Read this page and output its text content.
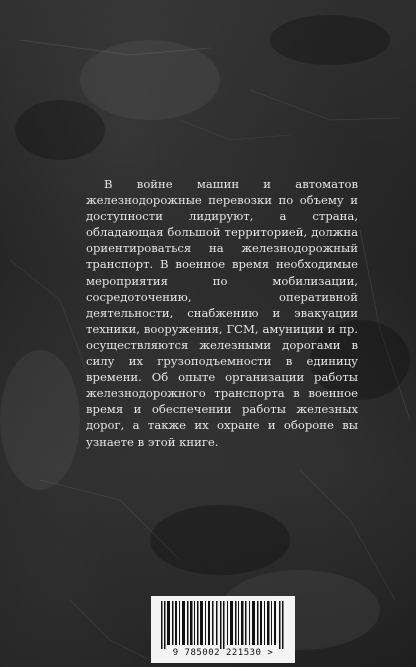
В войне машин и автоматов железнодорожные перевозки по объему и доступности лидируют, а страна, обладающая большой территорией, должна ориентироваться на железнодорожный транспорт. В военное время необходимые мероприятия по мобилизации, сосредоточению, оперативной деятельности, снабжению и эвакуации техники, вооружения, ГСМ, амуниции и пр. осуществляются железными дорогами в силу их грузоподъемности в единицу времени. Об опыте организации работы железнодорожного транспорта в военное время и обеспечении работы железных дорог, а также их охране и обороне вы узнаете в этой книге.

9 785002 221530 >
